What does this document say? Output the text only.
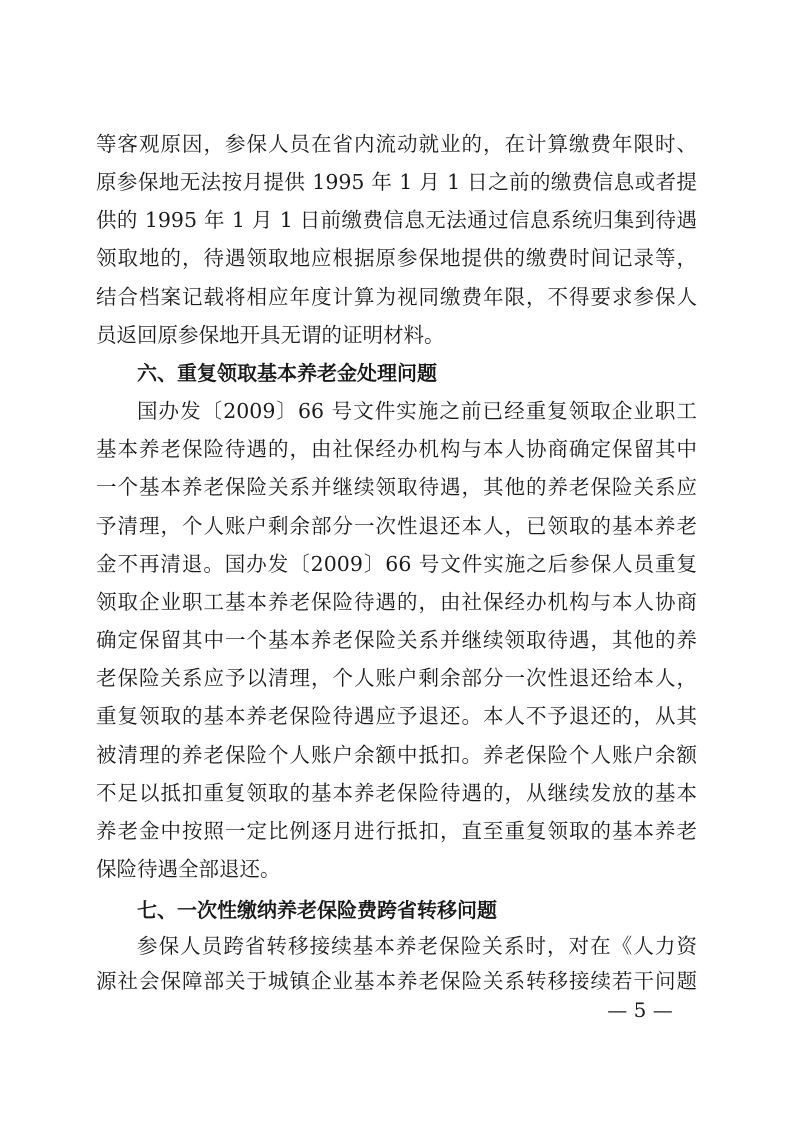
等客观原因，参保人员在省内流动就业的，在计算缴费年限时、
原参保地无法按月提供 1995 年 1 月 1 日之前的缴费信息或者提
供的 1995 年 1 月 1 日前缴费信息无法通过信息系统归集到待遇
领取地的，待遇领取地应根据原参保地提供的缴费时间记录等，
结合档案记载将相应年度计算为视同缴费年限，不得要求参保人
员返回原参保地开具无谓的证明材料。
六、重复领取基本养老金处理问题
国办发〔2009〕66 号文件实施之前已经重复领取企业职工
基本养老保险待遇的，由社保经办机构与本人协商确定保留其中
一个基本养老保险关系并继续领取待遇，其他的养老保险关系应
予清理，个人账户剩余部分一次性退还本人，已领取的基本养老
金不再清退。国办发〔2009〕66 号文件实施之后参保人员重复
领取企业职工基本养老保险待遇的，由社保经办机构与本人协商
确定保留其中一个基本养老保险关系并继续领取待遇，其他的养
老保险关系应予以清理，个人账户剩余部分一次性退还给本人，
重复领取的基本养老保险待遇应予退还。本人不予退还的，从其
被清理的养老保险个人账户余额中抵扣。养老保险个人账户余额
不足以抵扣重复领取的基本养老保险待遇的，从继续发放的基本
养老金中按照一定比例逐月进行抵扣，直至重复领取的基本养老
保险待遇全部退还。
七、一次性缴纳养老保险费跨省转移问题
参保人员跨省转移接续基本养老保险关系时，对在《人力资
源社会保障部关于城镇企业基本养老保险关系转移接续若干问题
— 5 —
